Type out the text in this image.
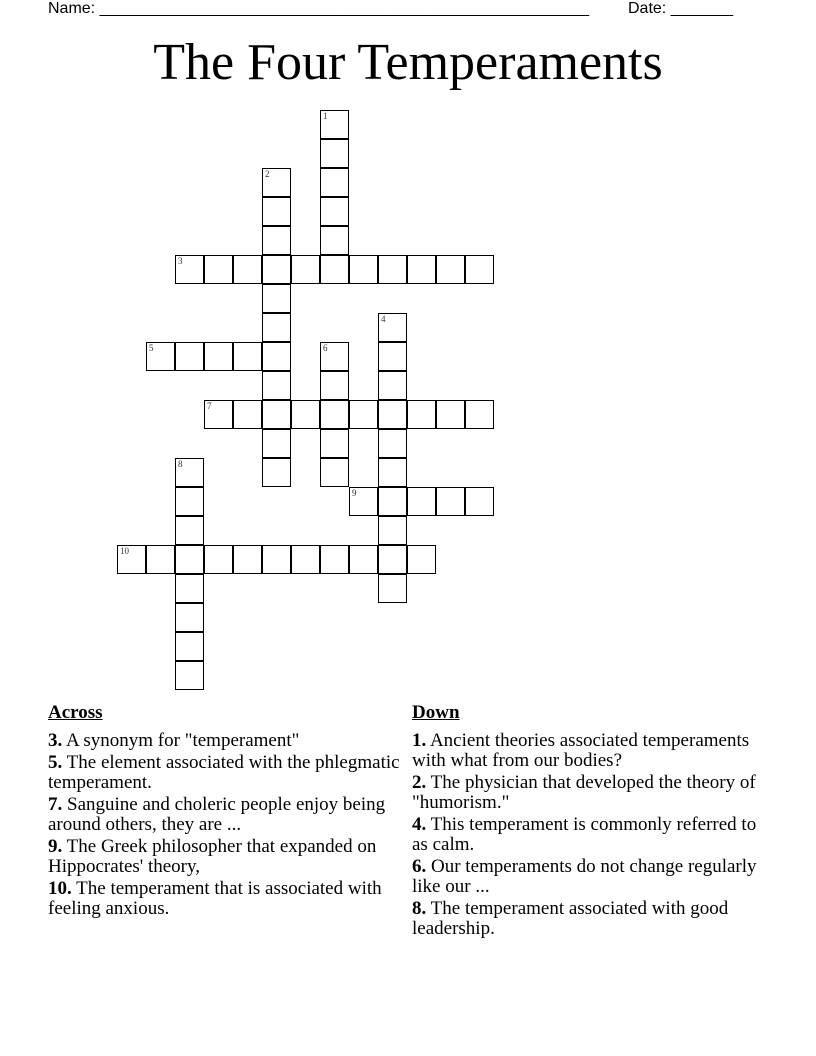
Name: _______________________________________________________ Date: _______
The Four Temperaments
1
2
3
4
5	6
7
8
9
10
Across
3. A synonym for "temperament"
5. The element associated with the phlegmatic temperament.
7. Sanguine and choleric people enjoy being around others, they are ...
9. The Greek philosopher that expanded on Hippocrates' theory,
10. The temperament that is associated with feeling anxious.
Down
1. Ancient theories associated temperaments with what from our bodies?
2. The physician that developed the theory of "humorism."
4. This temperament is commonly referred to as calm.
6. Our temperaments do not change regularly like our ...
8. The temperament associated with good leadership.
